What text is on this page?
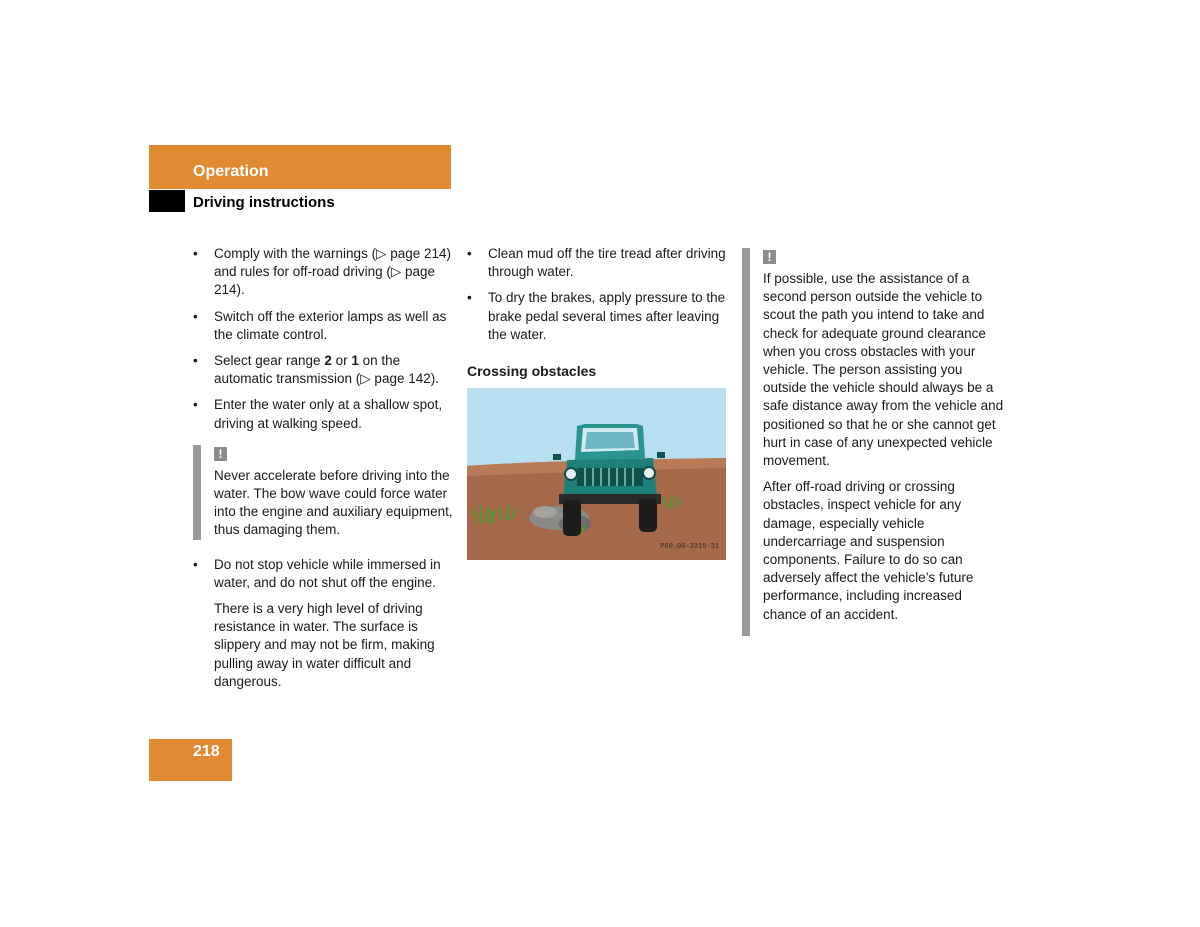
Operation
Driving instructions
• Comply with the warnings (▷ page 214) and rules for off-road driving (▷ page 214).
• Switch off the exterior lamps as well as the climate control.
• Select gear range 2 or 1 on the automatic transmission (▷ page 142).
• Enter the water only at a shallow spot, driving at walking speed.
!
Never accelerate before driving into the water. The bow wave could force water into the engine and auxiliary equipment, thus damaging them.
• Do not stop vehicle while immersed in water, and do not shut off the engine.
There is a very high level of driving resistance in water. The surface is slippery and may not be firm, making pulling away in water difficult and dangerous.
• Clean mud off the tire tread after driving through water.
• To dry the brakes, apply pressure to the brake pedal several times after leaving the water.
Crossing obstacles
P00.00-3315-31
!
If possible, use the assistance of a second person outside the vehicle to scout the path you intend to take and check for adequate ground clearance when you cross obstacles with your vehicle. The person assisting you outside the vehicle should always be a safe distance away from the vehicle and positioned so that he or she cannot get hurt in case of any unexpected vehicle movement.
After off-road driving or crossing obstacles, inspect vehicle for any damage, especially vehicle undercarriage and suspension components. Failure to do so can adversely affect the vehicle’s future performance, including increased chance of an accident.
218
